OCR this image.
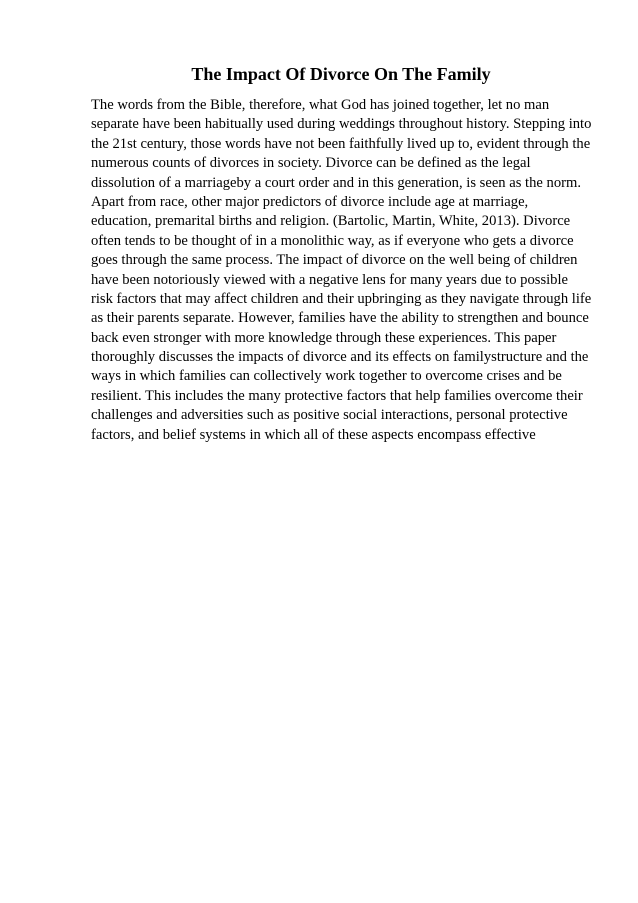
The Impact Of Divorce On The Family
The words from the Bible, therefore, what God has joined together, let no man
separate have been habitually used during weddings throughout history. Stepping into
the 21st century, those words have not been faithfully lived up to, evident through the
numerous counts of divorces in society. Divorce can be defined as the legal
dissolution of a marriageby a court order and in this generation, is seen as the norm.
Apart from race, other major predictors of divorce include age at marriage,
education, premarital births and religion. (Bartolic, Martin, White, 2013). Divorce
often tends to be thought of in a monolithic way, as if everyone who gets a divorce
goes through the same process. The impact of divorce on the well being of children
have been notoriously viewed with a negative lens for many years due to possible
risk factors that may affect children and their upbringing as they navigate through life
as their parents separate. However, families have the ability to strengthen and bounce
back even stronger with more knowledge through these experiences. This paper
thoroughly discusses the impacts of divorce and its effects on familystructure and the
ways in which families can collectively work together to overcome crises and be
resilient. This includes the many protective factors that help families overcome their
challenges and adversities such as positive social interactions, personal protective
factors, and belief systems in which all of these aspects encompass effective
